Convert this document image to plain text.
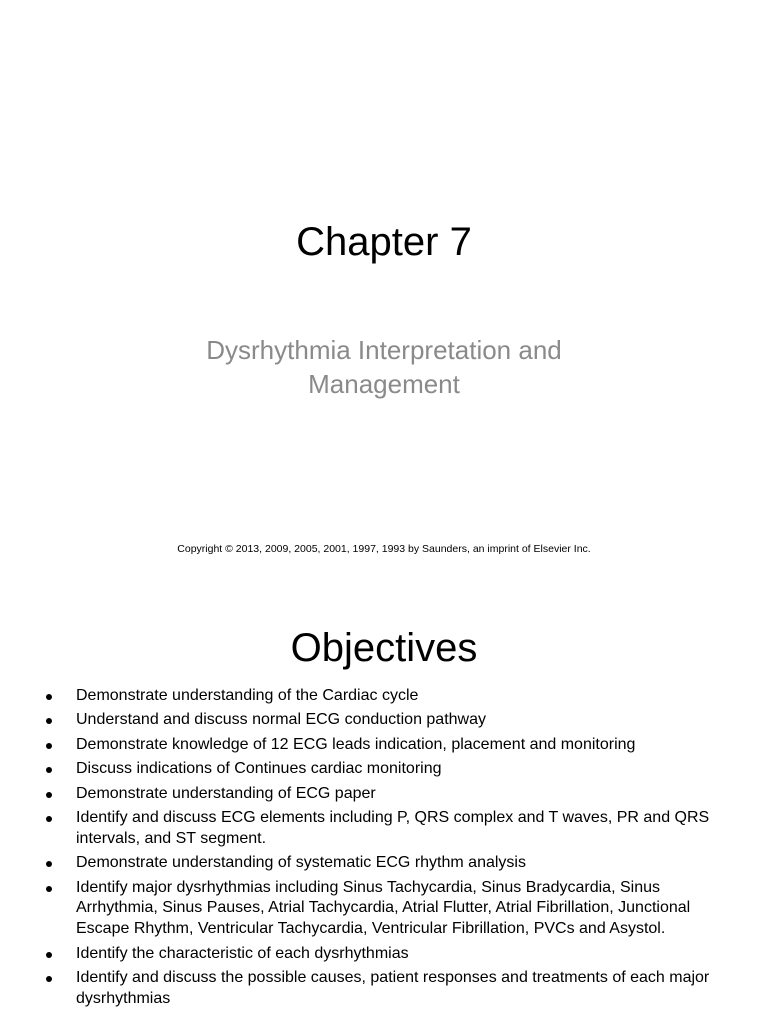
Chapter 7
Dysrhythmia Interpretation and
Management
Copyright © 2013, 2009, 2005, 2001, 1997, 1993 by Saunders, an imprint of Elsevier Inc.
Objectives
Demonstrate understanding of the Cardiac cycle
Understand and discuss normal ECG conduction pathway
Demonstrate knowledge of 12 ECG leads indication, placement and monitoring
Discuss indications of Continues cardiac monitoring
Demonstrate understanding of ECG paper
Identify and discuss ECG elements including P, QRS complex and T waves, PR and QRS intervals, and ST segment.
Demonstrate understanding of systematic ECG rhythm analysis
Identify major dysrhythmias including Sinus Tachycardia, Sinus Bradycardia, Sinus Arrhythmia, Sinus Pauses, Atrial Tachycardia, Atrial Flutter, Atrial Fibrillation, Junctional Escape Rhythm, Ventricular Tachycardia, Ventricular Fibrillation, PVCs and Asystol.
Identify the characteristic of each dysrhythmias
Identify and discuss the possible causes, patient responses and treatments of each major dysrhythmias
